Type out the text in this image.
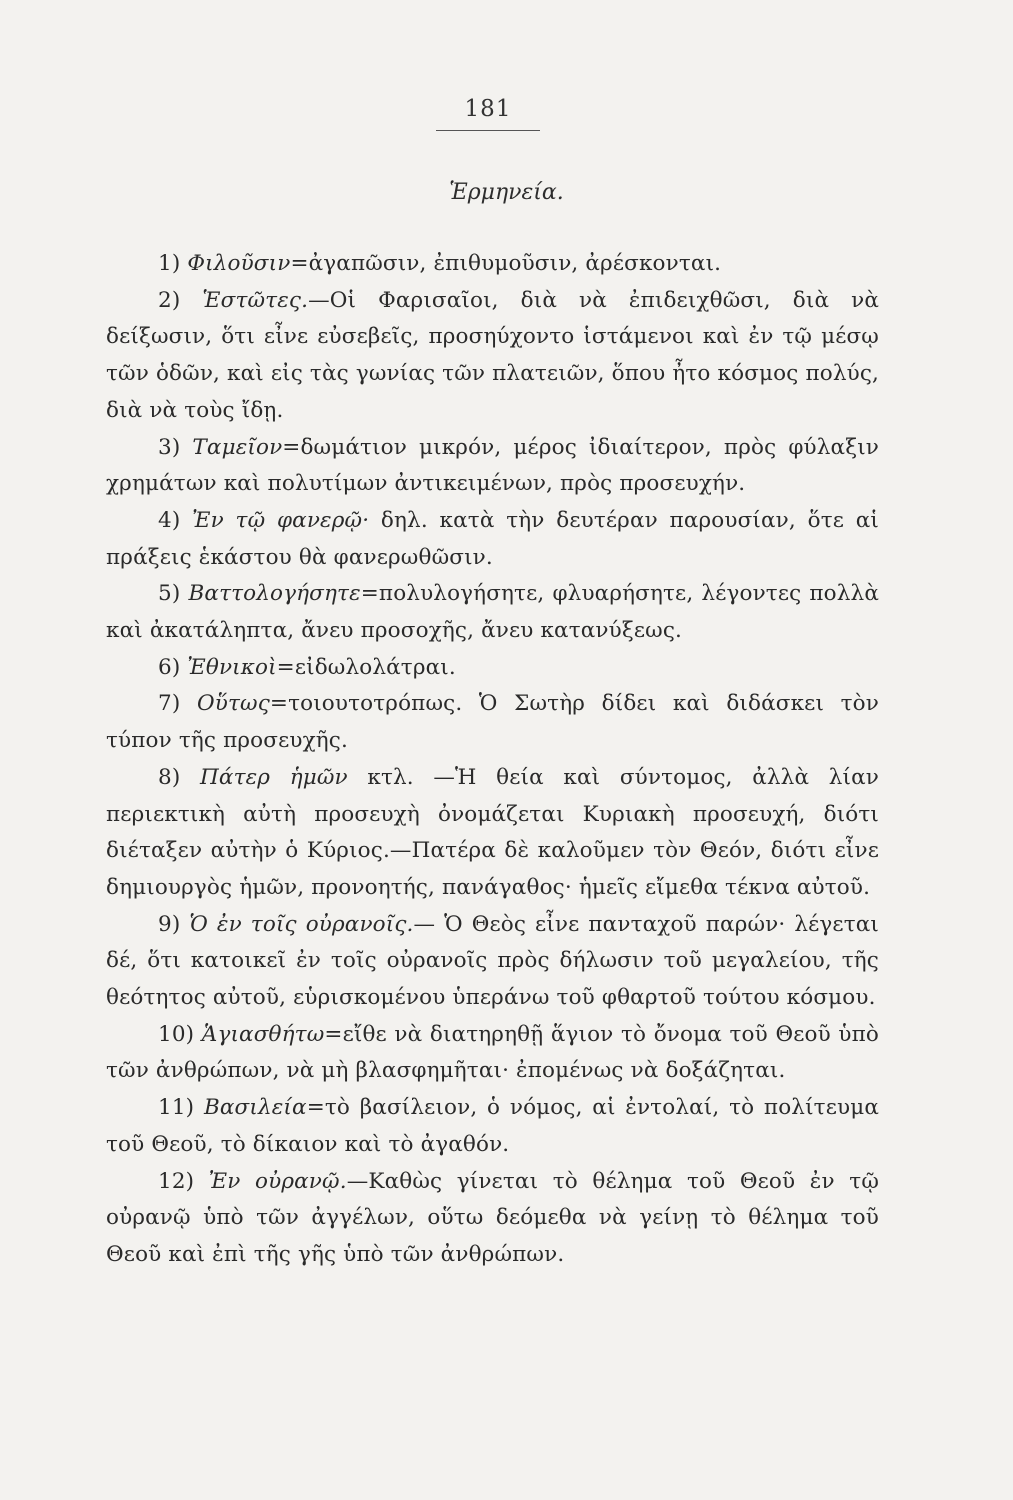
181
Ἑρμηνεία.

1) Φιλοῦσιν=ἀγαπῶσιν, ἐπιθυμοῦσιν, ἀρέσκονται.

2) Ἑστῶτες.—Οἱ Φαρισαῖοι, διὰ νὰ ἐπιδειχθῶσι, διὰ νὰ δείξωσιν, ὅτι εἶνε εὐσεβεῖς, προσηύχοντο ἱστάμενοι καὶ ἐν τῷ μέσῳ τῶν ὁδῶν, καὶ εἰς τὰς γωνίας τῶν πλατειῶν, ὅπου ἦτο κόσμος πολύς, διὰ νὰ τοὺς ἴδῃ.

3) Ταμεῖον=δωμάτιον μικρόν, μέρος ἰδιαίτερον, πρὸς φύλαξιν χρημάτων καὶ πολυτίμων ἀντικειμένων, πρὸς προσευχήν.

4) Ἐν τῷ φανερῷ· δηλ. κατὰ τὴν δευτέραν παρουσίαν, ὅτε αἱ πράξεις ἑκάστου θὰ φανερωθῶσιν.

5) Βαττολογήσητε=πολυλογήσητε, φλυαρήσητε, λέγοντες πολλὰ καὶ ἀκατάληπτα, ἄνευ προσοχῆς, ἄνευ κατανύξεως.

6) Ἐθνικοὶ=εἰδωλολάτραι.

7) Οὕτως=τοιουτοτρόπως. Ὁ Σωτὴρ δίδει καὶ διδάσκει τὸν τύπον τῆς προσευχῆς.

8) Πάτερ ἡμῶν κτλ. —Ἡ θεία καὶ σύντομος, ἀλλὰ λίαν περιεκτικὴ αὐτὴ προσευχὴ ὀνομάζεται Κυριακὴ προσευχή, διότι διέταξεν αὐτὴν ὁ Κύριος.—Πατέρα δὲ καλοῦμεν τὸν Θεόν, διότι εἶνε δημιουργὸς ἡμῶν, προνοητής, πανάγαθος· ἡμεῖς εἴμεθα τέκνα αὐτοῦ.

9) Ὁ ἐν τοῖς οὐρανοῖς.— Ὁ Θεὸς εἶνε πανταχοῦ παρών· λέγεται δέ, ὅτι κατοικεῖ ἐν τοῖς οὐρανοῖς πρὸς δήλωσιν τοῦ μεγαλείου, τῆς θεότητος αὐτοῦ, εὑρισκομένου ὑπεράνω τοῦ φθαρτοῦ τούτου κόσμου.

10) Ἁγιασθήτω=εἴθε νὰ διατηρηθῇ ἅγιον τὸ ὄνομα τοῦ Θεοῦ ὑπὸ τῶν ἀνθρώπων, νὰ μὴ βλασφημῆται· ἐπομένως νὰ δοξάζηται.

11) Βασιλεία=τὸ βασίλειον, ὁ νόμος, αἱ ἐντολαί, τὸ πολίτευμα τοῦ Θεοῦ, τὸ δίκαιον καὶ τὸ ἀγαθόν.

12) Ἐν οὐρανῷ.—Καθὼς γίνεται τὸ θέλημα τοῦ Θεοῦ ἐν τῷ οὐρανῷ ὑπὸ τῶν ἀγγέλων, οὕτω δεόμεθα νὰ γείνῃ τὸ θέλημα τοῦ Θεοῦ καὶ ἐπὶ τῆς γῆς ὑπὸ τῶν ἀνθρώπων.
